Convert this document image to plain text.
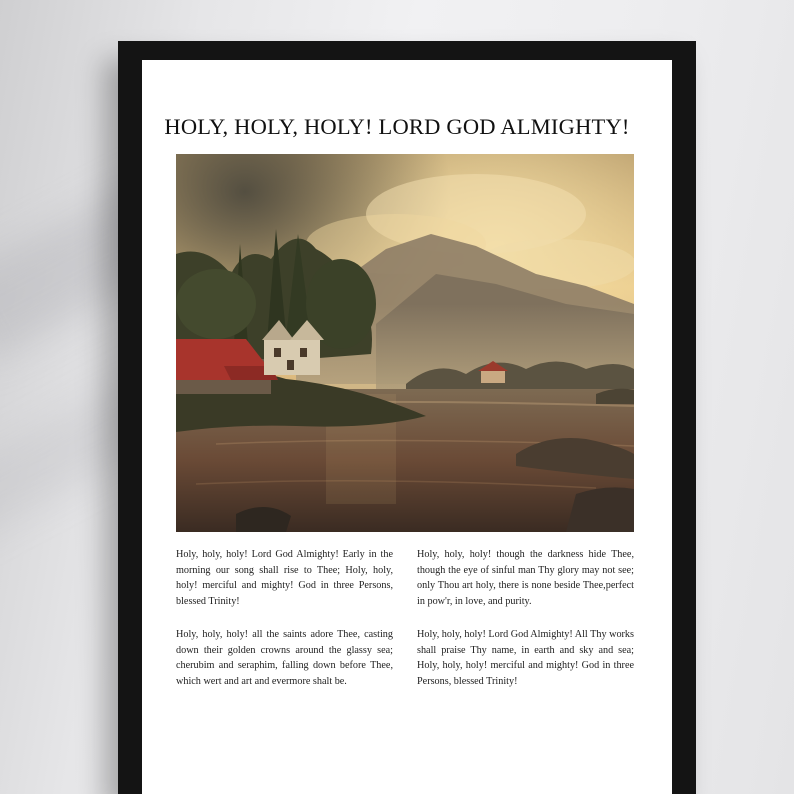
HOLY, HOLY, HOLY! LORD GOD ALMIGHTY!

Holy, holy, holy! Lord God Almighty! Early in the morning our song shall rise to Thee; Holy, holy, holy! merciful and mighty! God in three Persons, blessed Trinity!

Holy, holy, holy! though the darkness hide Thee, though the eye of sinful man Thy glory may not see; only Thou art holy, there is none beside Thee,perfect in pow'r, in love, and purity.

Holy, holy, holy! all the saints adore Thee, casting down their golden crowns around the glassy sea; cherubim and seraphim, falling down before Thee, which wert and art and evermore shalt be.

Holy, holy, holy! Lord God Almighty! All Thy works shall praise Thy name, in earth and sky and sea; Holy, holy, holy! merciful and mighty! God in three Persons, blessed Trinity!
